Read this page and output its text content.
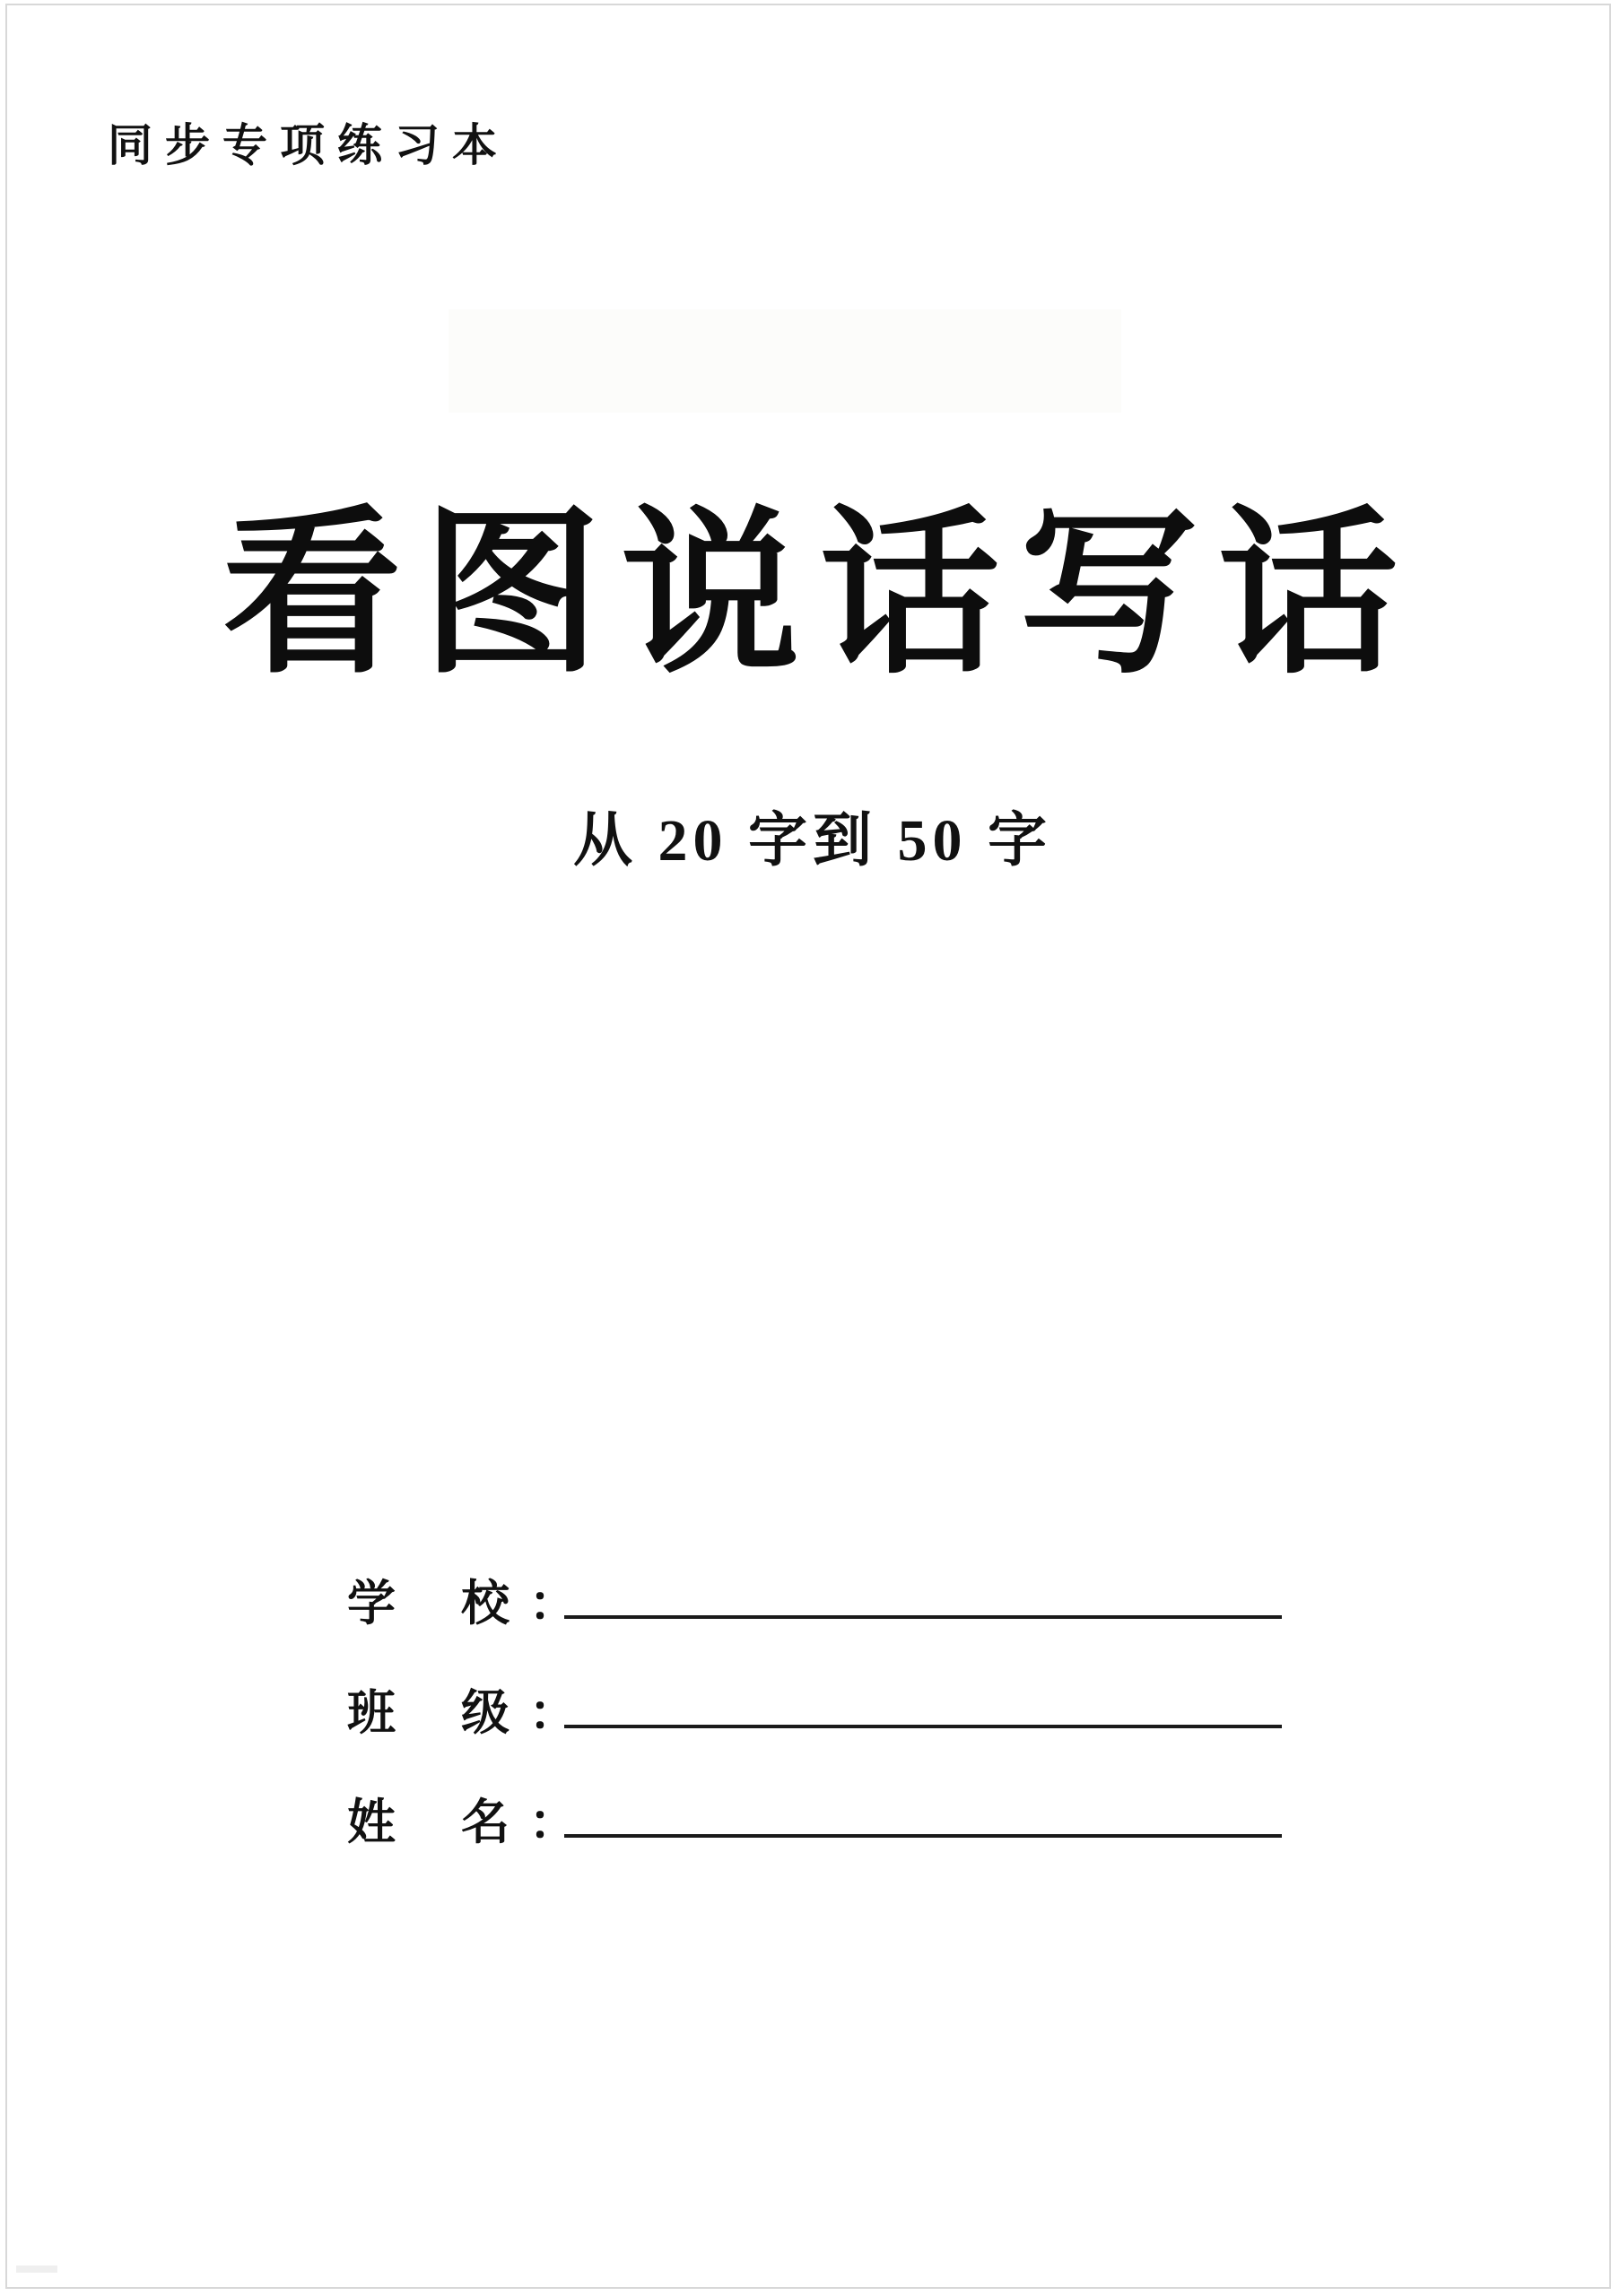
同步专项练习本
看图说话写话
从 20 字到 50 字
学 校 ：
班 级 ：
姓 名 ：
